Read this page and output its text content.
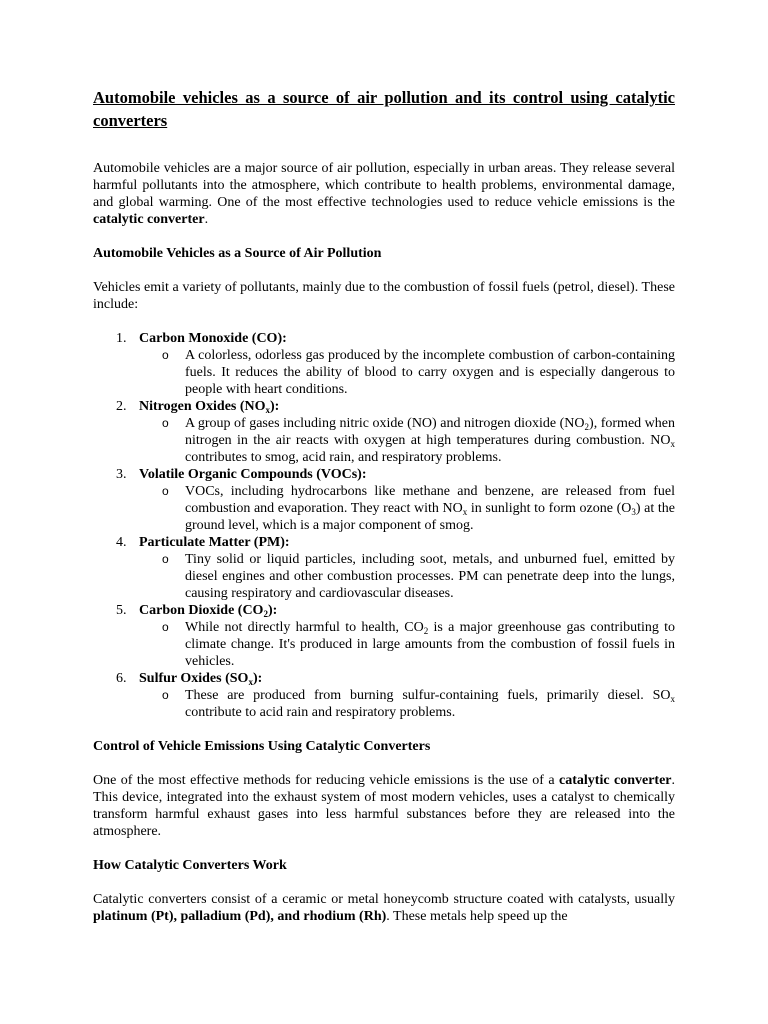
Automobile vehicles as a source of air pollution and its control using catalytic converters

Automobile vehicles are a major source of air pollution, especially in urban areas. They release several harmful pollutants into the atmosphere, which contribute to health problems, environmental damage, and global warming. One of the most effective technologies used to reduce vehicle emissions is the catalytic converter.

Automobile Vehicles as a Source of Air Pollution

Vehicles emit a variety of pollutants, mainly due to the combustion of fossil fuels (petrol, diesel). These include:

1. Carbon Monoxide (CO):
o A colorless, odorless gas produced by the incomplete combustion of carbon-containing fuels. It reduces the ability of blood to carry oxygen and is especially dangerous to people with heart conditions.
2. Nitrogen Oxides $(NO_x)$:
o A group of gases including nitric oxide (NO) and nitrogen dioxide $(NO_2)$, formed when nitrogen in the air reacts with oxygen at high temperatures during combustion. $NO_x$ contributes to smog, acid rain, and respiratory problems.
3. Volatile Organic Compounds (VOCs):
o VOCs, including hydrocarbons like methane and benzene, are released from fuel combustion and evaporation. They react with $NO_x$ in sunlight to form ozone $(O_3)$ at the ground level, which is a major component of smog.
4. Particulate Matter (PM):
o Tiny solid or liquid particles, including soot, metals, and unburned fuel, emitted by diesel engines and other combustion processes. PM can penetrate deep into the lungs, causing respiratory and cardiovascular diseases.
5. Carbon Dioxide $(CO_2)$:
o While not directly harmful to health, $CO_2$ is a major greenhouse gas contributing to climate change. It's produced in large amounts from the combustion of fossil fuels in vehicles.
6. Sulfur Oxides $(SO_x)$:
o These are produced from burning sulfur-containing fuels, primarily diesel. $SO_x$ contribute to acid rain and respiratory problems.

Control of Vehicle Emissions Using Catalytic Converters

One of the most effective methods for reducing vehicle emissions is the use of a catalytic converter. This device, integrated into the exhaust system of most modern vehicles, uses a catalyst to chemically transform harmful exhaust gases into less harmful substances before they are released into the atmosphere.

How Catalytic Converters Work

Catalytic converters consist of a ceramic or metal honeycomb structure coated with catalysts, usually platinum (Pt), palladium (Pd), and rhodium (Rh). These metals help speed up the
